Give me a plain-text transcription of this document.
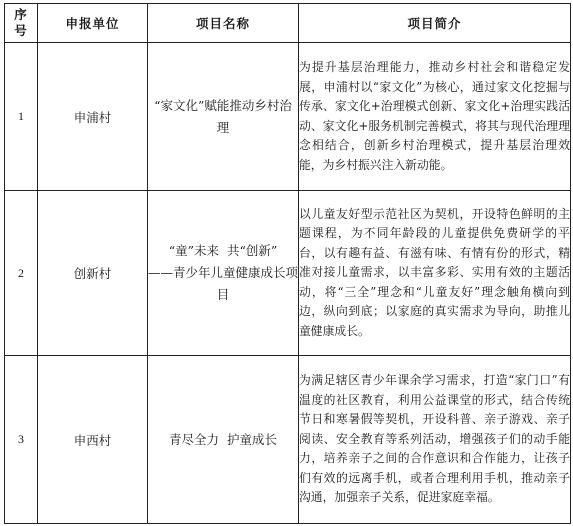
序
号	申报单位	项目名称	项目简介
1	申浦村	“家文化”赋能推动乡村治理	为提升基层治理能力，推动乡村社会和谐稳定发展，申浦村以“家文化”为核心，通过家文化挖掘与传承、家文化+治理模式创新、家文化+治理实践活动、家文化+服务机制完善模式，将其与现代治理理念相结合，创新乡村治理模式，提升基层治理效能，为乡村振兴注入新动能。
2	创新村	“童”未来  共“创新”
——青少年儿童健康成长项目	以儿童友好型示范社区为契机，开设特色鲜明的主题课程，为不同年龄段的儿童提供免费研学的平台，以有趣有益、有滋有味、有情有份的形式，精准对接儿童需求，以丰富多彩、实用有效的主题活动，将“三全”理念和“儿童友好”理念触角横向到边，纵向到底；以家庭的真实需求为导向，助推儿童健康成长。
3	申西村	青尽全力  护童成长	为满足辖区青少年课余学习需求，打造“家门口”有温度的社区教育，利用公益课堂的形式，结合传统节日和寒暑假等契机，开设科普、亲子游戏、亲子阅读、安全教育等系列活动，增强孩子们的动手能力，培养亲子之间的合作意识和合作能力，让孩子们有效的远离手机，或者合理利用手机，推动亲子沟通，加强亲子关系，促进家庭幸福。
